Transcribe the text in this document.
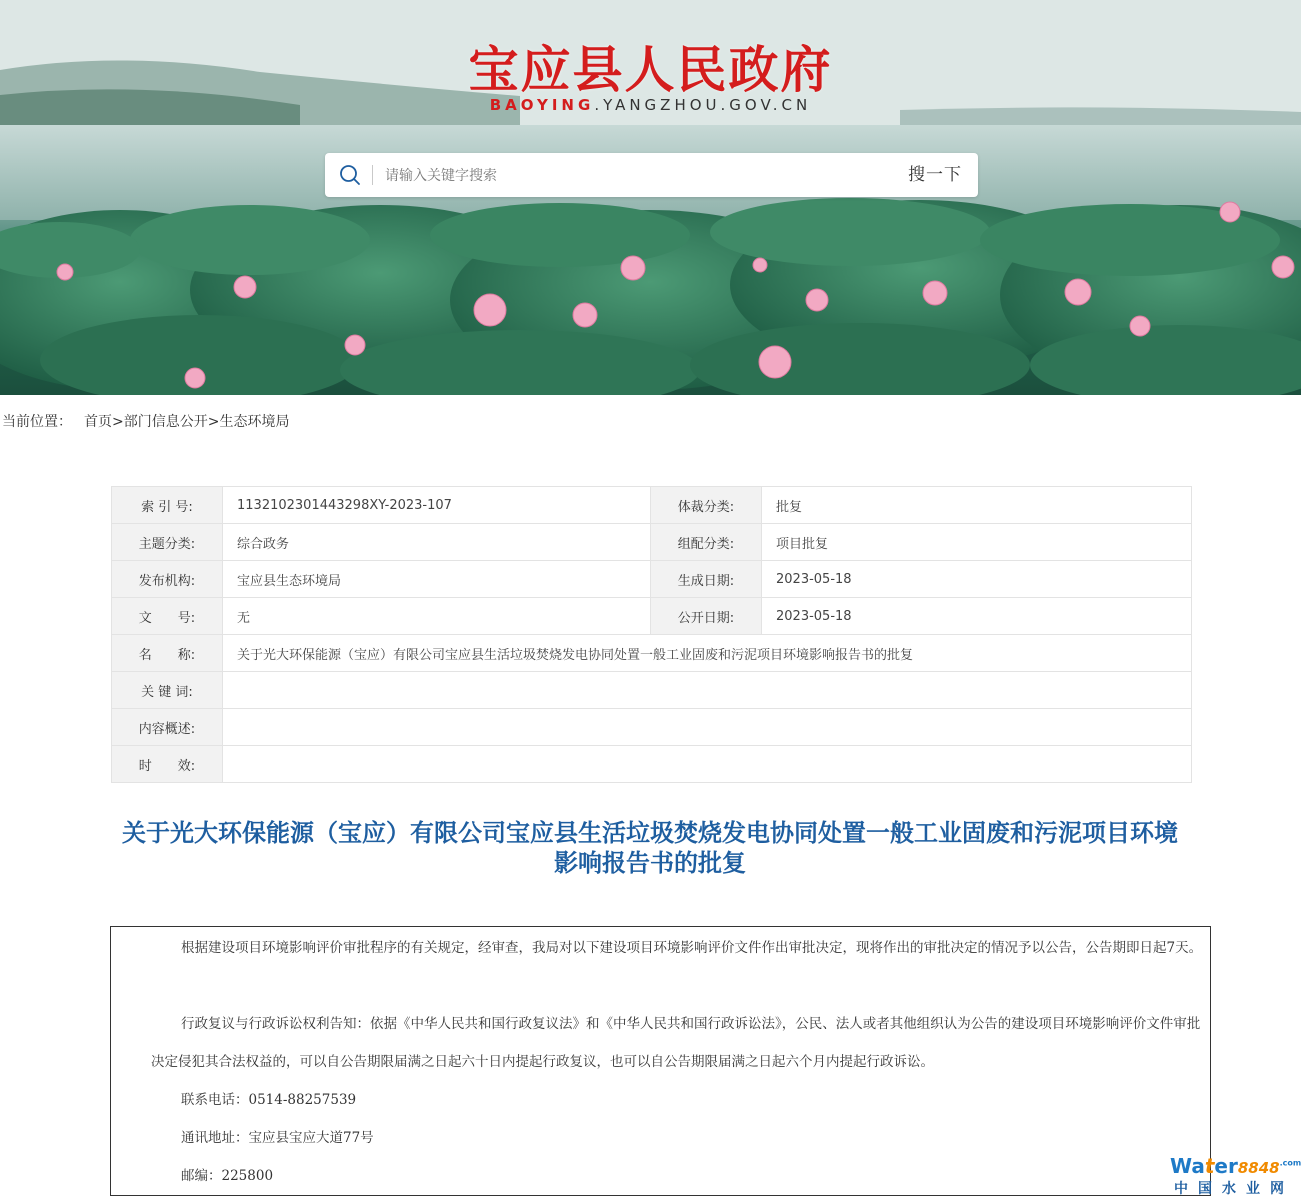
宝应县人民政府
BAOYING.YANGZHOU.GOV.CN
请输入关键字搜索
搜一下
当前位置： 首页>部门信息公开>生态环境局
索 引 号:	1132102301443298XY-2023-107	体裁分类:	批复
主题分类:	综合政务	组配分类:	项目批复
发布机构:	宝应县生态环境局	生成日期:	2023-05-18
文　　号:	无	公开日期:	2023-05-18
名　　称:	关于光大环保能源（宝应）有限公司宝应县生活垃圾焚烧发电协同处置一般工业固废和污泥项目环境影响报告书的批复		
关 键 词:			
内容概述:			
时　　效:			
关于光大环保能源（宝应）有限公司宝应县生活垃圾焚烧发电协同处置一般工业固废和污泥项目环境影响报告书的批复

根据建设项目环境影响评价审批程序的有关规定，经审查，我局对以下建设项目环境影响评价文件作出审批决定，现将作出的审批决定的情况予以公告，公告期即日起7天。

行政复议与行政诉讼权利告知：依据《中华人民共和国行政复议法》和《中华人民共和国行政诉讼法》，公民、法人或者其他组织认为公告的建设项目环境影响评价文件审批决定侵犯其合法权益的，可以自公告期限届满之日起六十日内提起行政复议，也可以自公告期限届满之日起六个月内提起行政诉讼。

联系电话：0514-88257539

通讯地址：宝应县宝应大道77号

邮编：225800	$Water8848^{.com}$
中国水业网
